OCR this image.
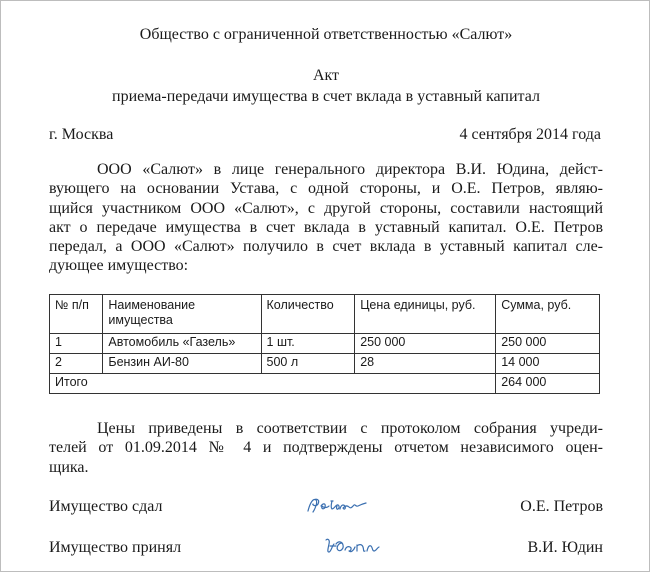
Общество с ограниченной ответственностью «Салют»
Акт
приема-передачи имущества в счет вклада в уставный капитал
г. Москва	4 сентября 2014 года
ООО «Салют» в лице генерального директора В.И. Юдина, дейст-
вующего на основании Устава, с одной стороны, и О.Е. Петров, являю-
щийся участником ООО «Салют», с другой стороны, составили настоящий
акт о передаче имущества в счет вклада в уставный капитал. О.Е. Петров
передал, а ООО «Салют» получило в счет вклада в уставный капитал сле-
дующее имущество:
№ п/п	Наименование имущества	Количество	Цена единицы, руб.	Сумма, руб.
1	Автомобиль «Газель»	1 шт.	250 000	250 000
2	Бензин АИ-80	500 л	28	14 000
Итого				264 000
Цены приведены в соответствии с протоколом собрания учреди-
телей от 01.09.2014 № 4 и подтверждены отчетом независимого оцен-
щика.
Имущество сдал	О.Е. Петров
Имущество принял	В.И. Юдин
